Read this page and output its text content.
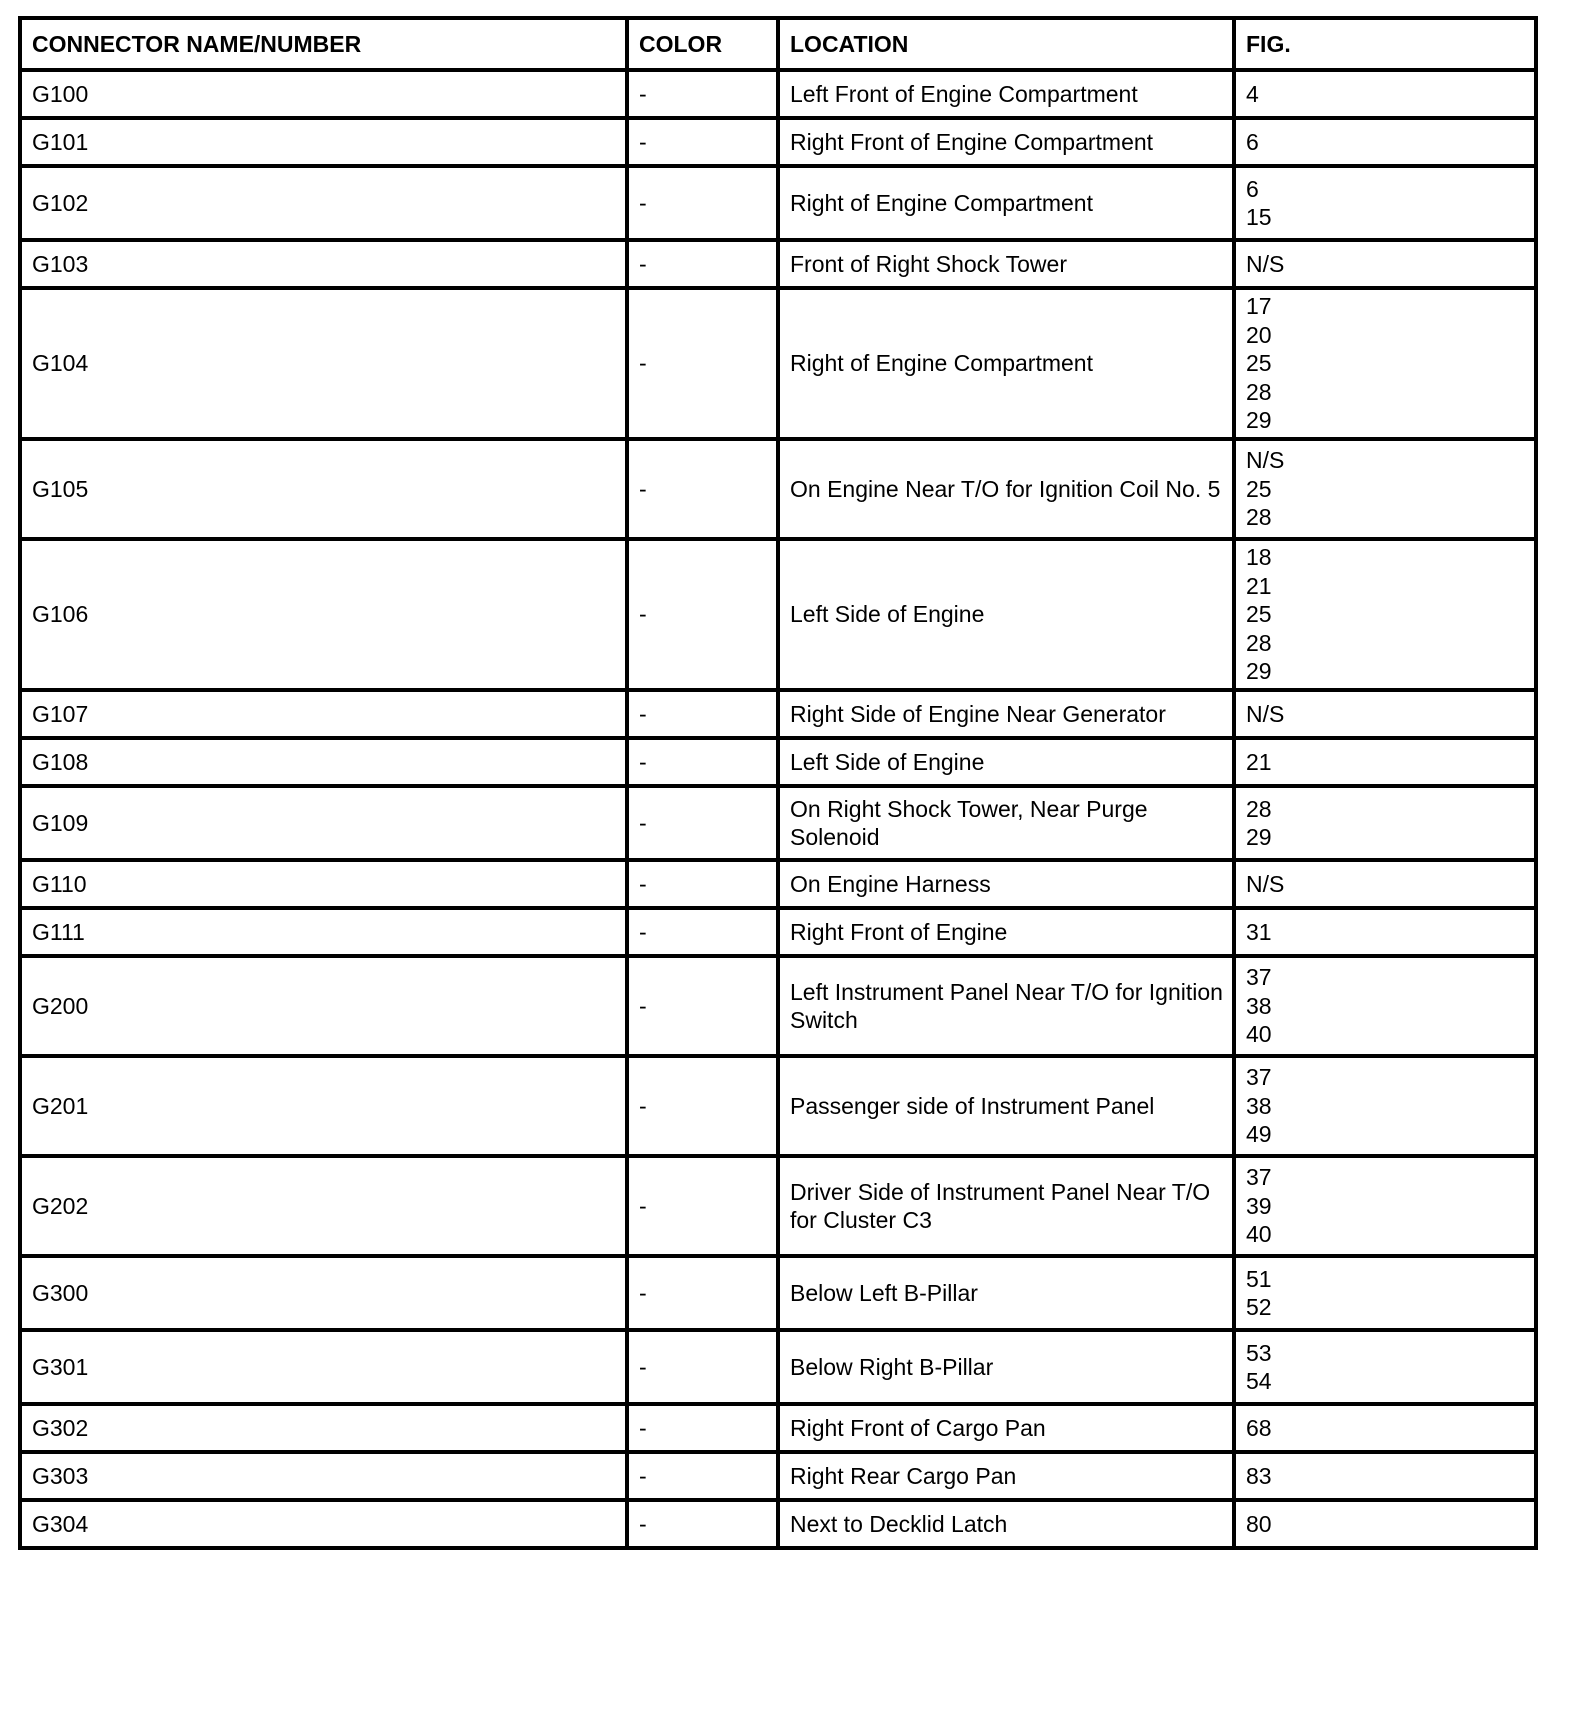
CONNECTOR NAME/NUMBER	COLOR	LOCATION	FIG.
G100	-	Left Front of Engine Compartment	4

G101	-	Right Front of Engine Compartment	6

G102	-	Right of Engine Compartment	6
15

G103	-	Front of Right Shock Tower	N/S

G104	-	Right of Engine Compartment	17
20
25
28
29

G105	-	On Engine Near T/O for Ignition Coil No. 5	N/S
25
28

G106	-	Left Side of Engine	18
21
25
28
29

G107	-	Right Side of Engine Near Generator	N/S

G108	-	Left Side of Engine	21

G109	-	On Right Shock Tower, Near Purge Solenoid	28
29

G110	-	On Engine Harness	N/S

G111	-	Right Front of Engine	31

G200	-	Left Instrument Panel Near T/O for Ignition Switch	37
38
40

G201	-	Passenger side of Instrument Panel	37
38
49

G202	-	Driver Side of Instrument Panel Near T/O for Cluster C3	37
39
40

G300	-	Below Left B-Pillar	51
52

G301	-	Below Right B-Pillar	53
54

G302	-	Right Front of Cargo Pan	68

G303	-	Right Rear Cargo Pan	83

G304	-	Next to Decklid Latch	80
